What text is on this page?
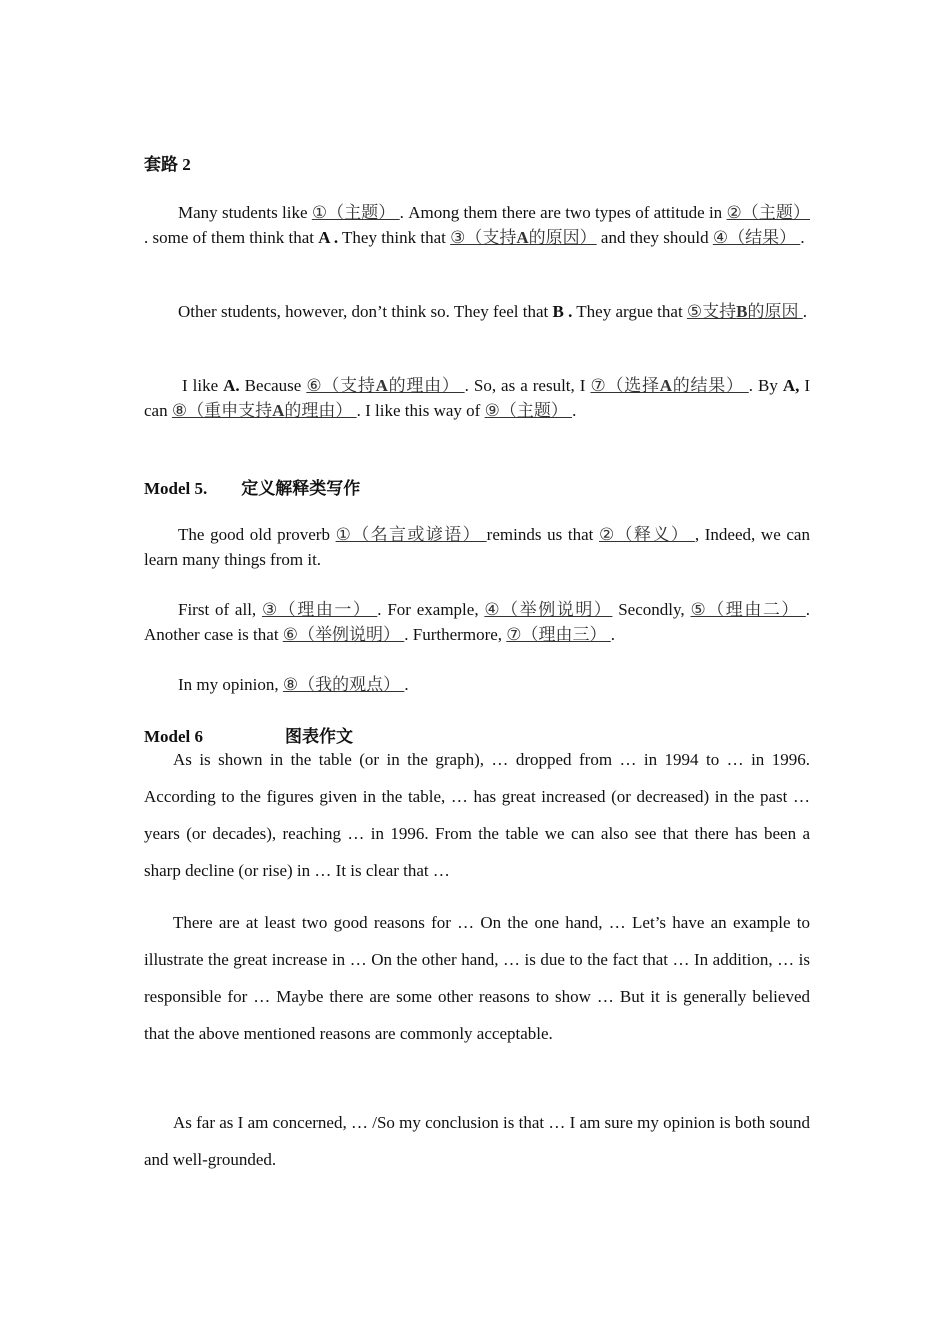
套路 2
Many students like ①（主题） . Among them there are two types of attitude in ②（主题） . some of them think that A . They think that ③（支持A的原因） and they should ④（结果） .
Other students, however, don’t think so. They feel that B . They argue that ⑤支持B的原因 .
I like A. Because ⑥（支持A的理由） . So, as a result, I ⑦（选择A的结果） . By A, I can ⑧（重申支持A的理由） . I like this way of ⑨（主题） .
Model 5. 定义解释类写作
The good old proverb ①（名言或谚语） reminds us that ②（释义） , Indeed, we can learn many things from it.
First of all, ③（理由一） . For example, ④（举例说明） Secondly, ⑤（理由二） . Another case is that ⑥（举例说明） . Furthermore, ⑦（理由三） .
In my opinion, ⑧（我的观点） .
Model 6	图表作文
As is shown in the table (or in the graph), … dropped from … in 1994 to … in 1996. According to the figures given in the table, … has great increased (or decreased) in the past … years (or decades), reaching … in 1996. From the table we can also see that there has been a sharp decline (or rise) in … It is clear that …
There are at least two good reasons for … On the one hand, … Let’s have an example to illustrate the great increase in … On the other hand, … is due to the fact that … In addition, … is responsible for … Maybe there are some other reasons to show … But it is generally believed that the above mentioned reasons are commonly acceptable.
As far as I am concerned, … /So my conclusion is that … I am sure my opinion is both sound and well-grounded.
